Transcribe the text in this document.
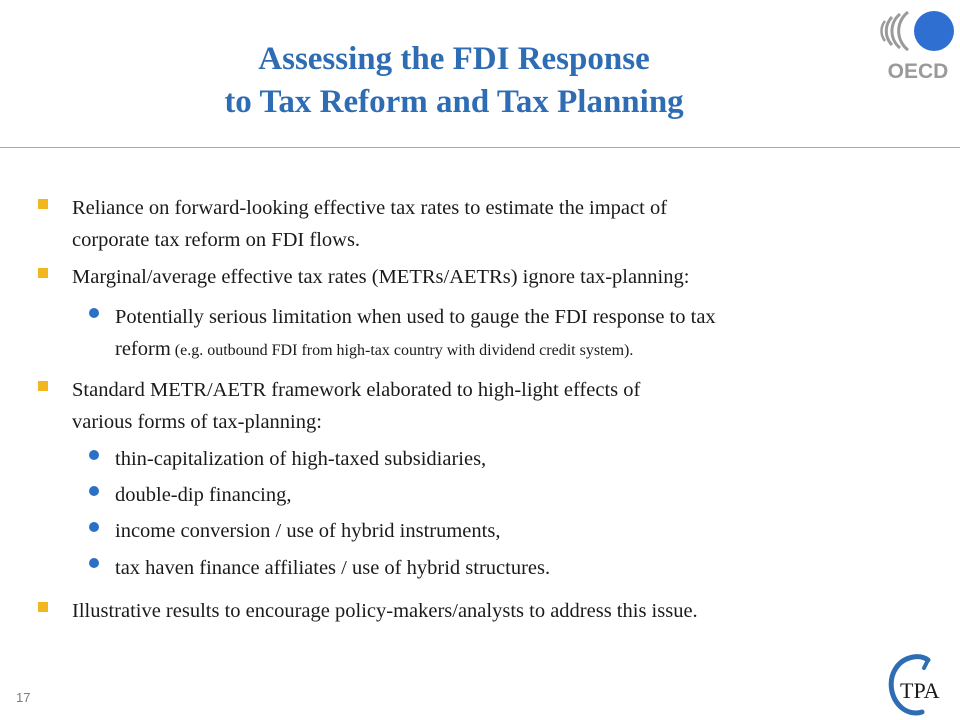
Assessing the FDI Response
to Tax Reform and Tax Planning
OECD
Reliance on forward-looking effective tax rates to estimate the impact of
corporate tax reform on FDI flows.
Marginal/average effective tax rates (METRs/AETRs) ignore tax-planning:
Potentially serious limitation when used to gauge the FDI response to tax
reform (e.g. outbound FDI from high-tax country with dividend credit system).
Standard METR/AETR framework elaborated to high-light effects of
various forms of tax-planning:
thin-capitalization of high-taxed subsidiaries,
double-dip financing,
income conversion / use of hybrid instruments,
tax haven finance affiliates / use of hybrid structures.
Illustrative results to encourage policy-makers/analysts to address this issue.
17	TPA
